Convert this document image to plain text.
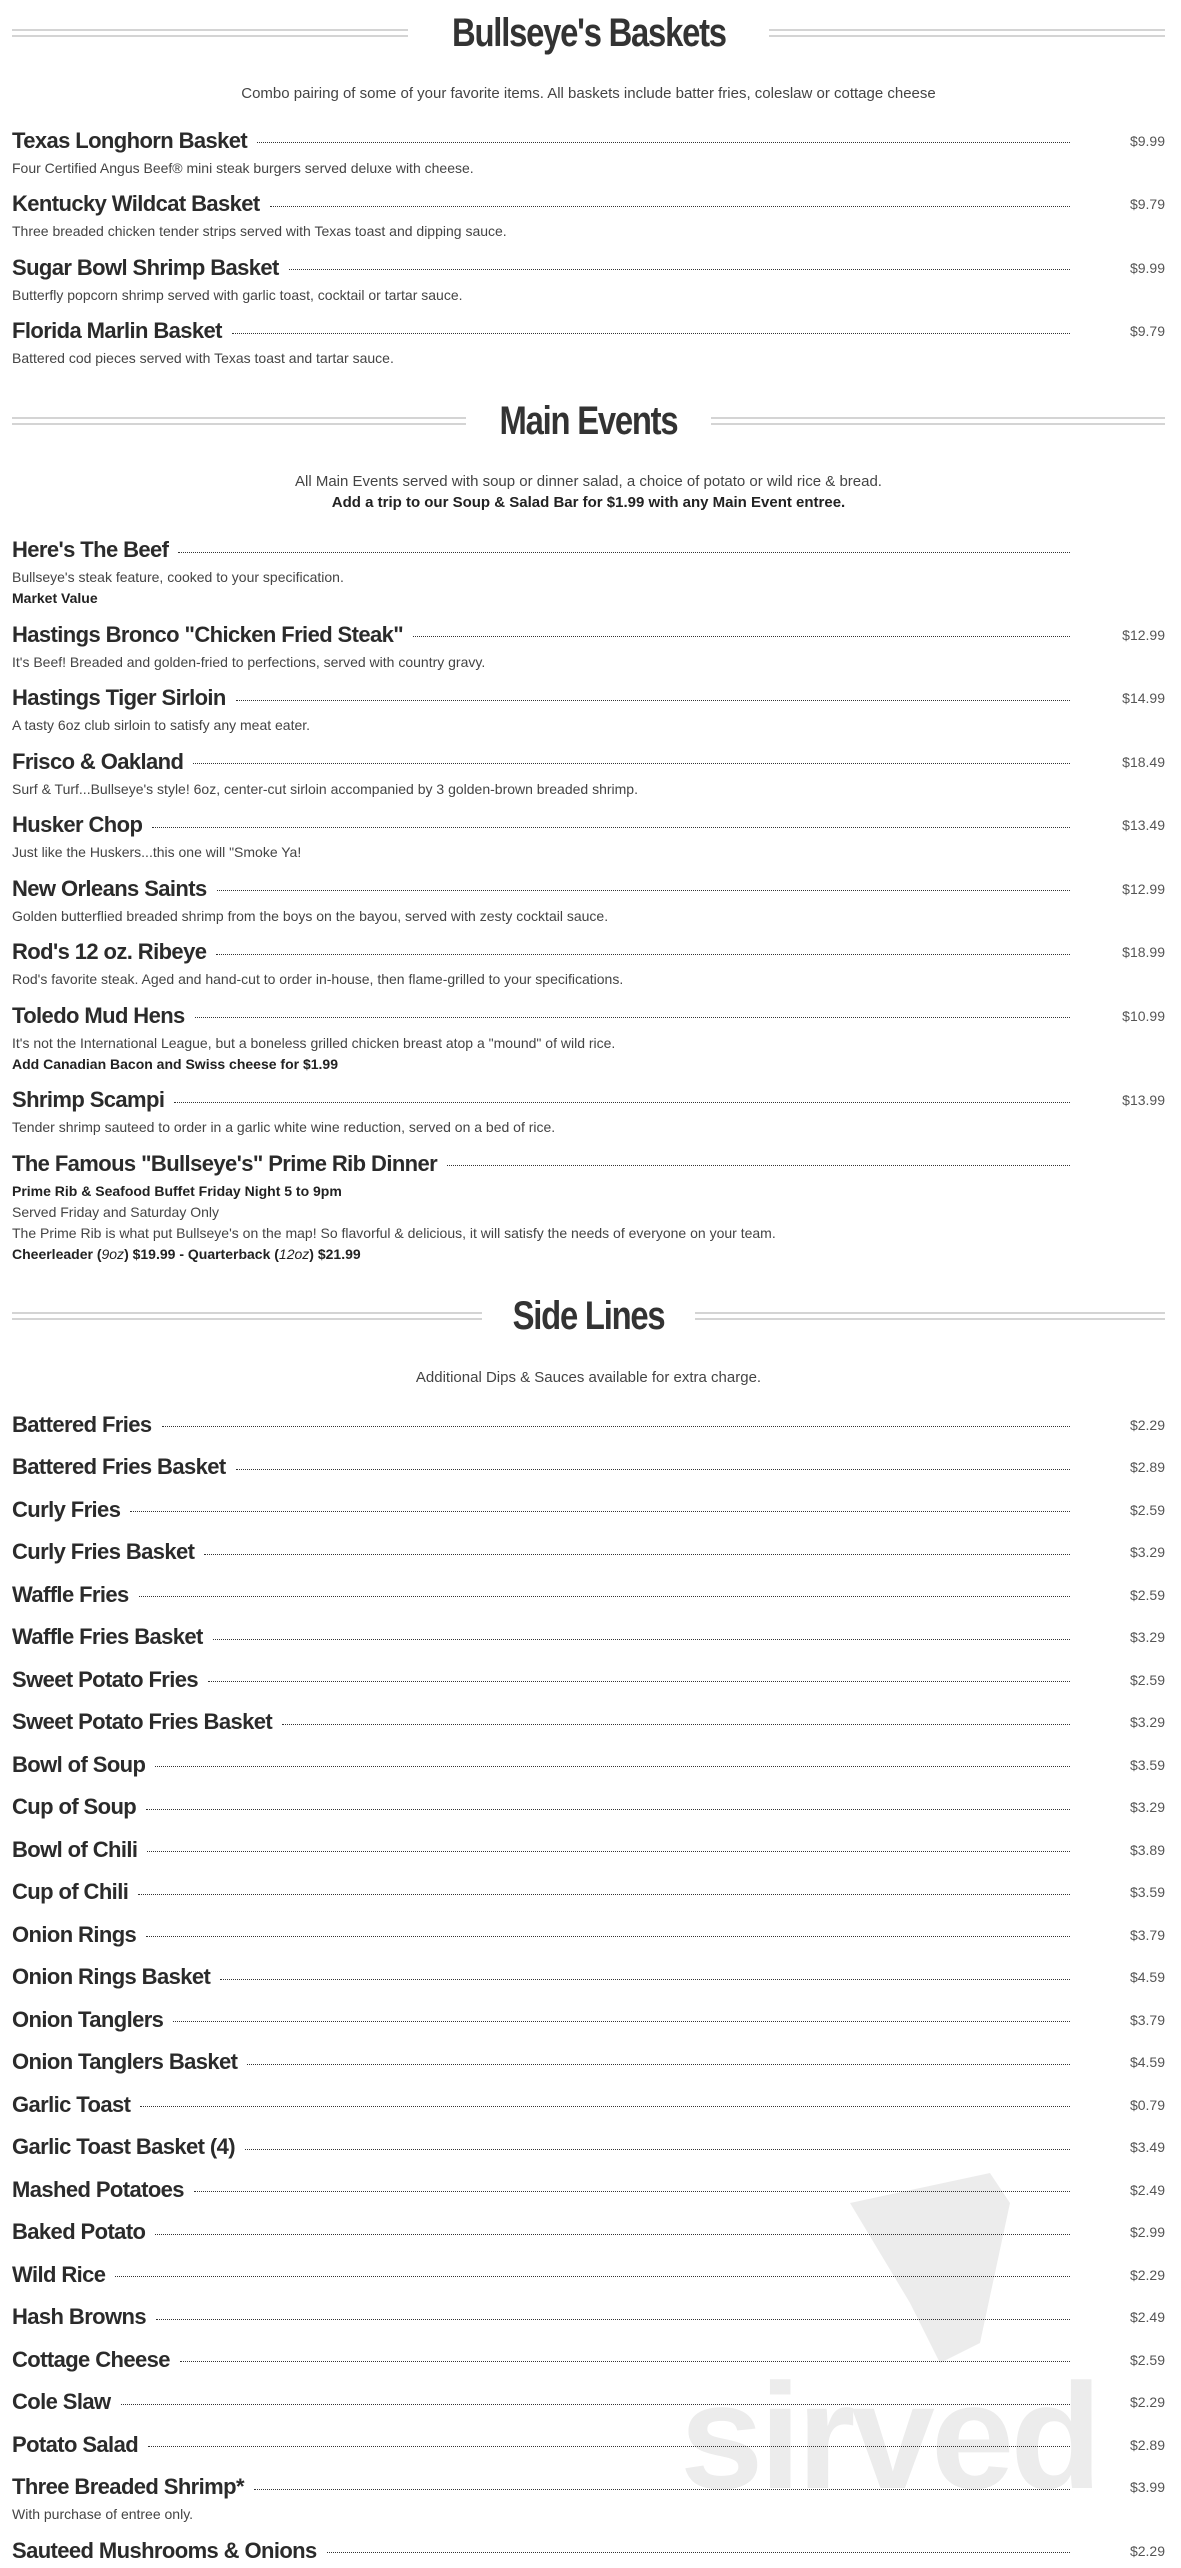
sirved
Bullseye's Baskets
Combo pairing of some of your favorite items. All baskets include batter fries, coleslaw or cottage cheese
Texas Longhorn Basket	$9.99
Four Certified Angus Beef® mini steak burgers served deluxe with cheese.
Kentucky Wildcat Basket	$9.79
Three breaded chicken tender strips served with Texas toast and dipping sauce.
Sugar Bowl Shrimp Basket	$9.99
Butterfly popcorn shrimp served with garlic toast, cocktail or tartar sauce.
Florida Marlin Basket	$9.79
Battered cod pieces served with Texas toast and tartar sauce.
Main Events
All Main Events served with soup or dinner salad, a choice of potato or wild rice & bread.
Add a trip to our Soup & Salad Bar for $1.99 with any Main Event entree.
Here's The Beef
Bullseye's steak feature, cooked to your specification.
Market Value
Hastings Bronco "Chicken Fried Steak"	$12.99
It's Beef! Breaded and golden-fried to perfections, served with country gravy.
Hastings Tiger Sirloin	$14.99
A tasty 6oz club sirloin to satisfy any meat eater.
Frisco & Oakland	$18.49
Surf & Turf...Bullseye's style! 6oz, center-cut sirloin accompanied by 3 golden-brown breaded shrimp.
Husker Chop	$13.49
Just like the Huskers...this one will "Smoke Ya!
New Orleans Saints	$12.99
Golden butterflied breaded shrimp from the boys on the bayou, served with zesty cocktail sauce.
Rod's 12 oz. Ribeye	$18.99
Rod's favorite steak. Aged and hand-cut to order in-house, then flame-grilled to your specifications.
Toledo Mud Hens	$10.99
It's not the International League, but a boneless grilled chicken breast atop a "mound" of wild rice.
Add Canadian Bacon and Swiss cheese for $1.99
Shrimp Scampi	$13.99
Tender shrimp sauteed to order in a garlic white wine reduction, served on a bed of rice.
The Famous "Bullseye's" Prime Rib Dinner
Prime Rib & Seafood Buffet Friday Night 5 to 9pm
Served Friday and Saturday Only
The Prime Rib is what put Bullseye's on the map! So flavorful & delicious, it will satisfy the needs of everyone on your team.
Cheerleader (9oz) $19.99 - Quarterback (12oz) $21.99
Side Lines
Additional Dips & Sauces available for extra charge.
Battered Fries	$2.29
Battered Fries Basket	$2.89
Curly Fries	$2.59
Curly Fries Basket	$3.29
Waffle Fries	$2.59
Waffle Fries Basket	$3.29
Sweet Potato Fries	$2.59
Sweet Potato Fries Basket	$3.29
Bowl of Soup	$3.59
Cup of Soup	$3.29
Bowl of Chili	$3.89
Cup of Chili	$3.59
Onion Rings	$3.79
Onion Rings Basket	$4.59
Onion Tanglers	$3.79
Onion Tanglers Basket	$4.59
Garlic Toast	$0.79
Garlic Toast Basket (4)	$3.49
Mashed Potatoes	$2.49
Baked Potato	$2.99
Wild Rice	$2.29
Hash Browns	$2.49
Cottage Cheese	$2.59
Cole Slaw	$2.29
Potato Salad	$2.89
Three Breaded Shrimp*	$3.99
With purchase of entree only.
Sauteed Mushrooms & Onions	$2.29
